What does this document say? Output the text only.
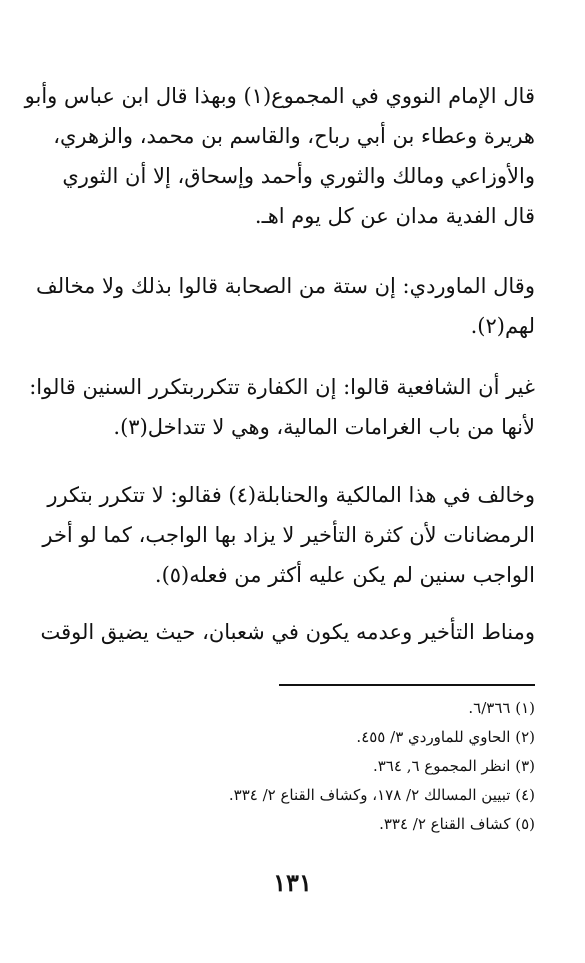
قال الإمام النووي في المجموع(١) وبهذا قال ابن عباس وأبو
هريرة وعطاء بن أبي رباح، والقاسم بن محمد، والزهري،
والأوزاعي ومالك والثوري وأحمد وإسحاق، إلا أن الثوري
قال الفدية مدان عن كل يوم اهـ.
وقال الماوردي: إن ستة من الصحابة قالوا بذلك ولا مخالف
لهم(٢).
غير أن الشافعية قالوا: إن الكفارة تتكرربتكرر السنين قالوا:
لأنها من باب الغرامات المالية، وهي لا تتداخل(٣).
وخالف في هذا المالكية والحنابلة(٤) فقالو: لا تتكرر بتكرر
الرمضانات لأن كثرة التأخير لا يزاد بها الواجب، كما لو أخر
الواجب سنين لم يكن عليه أكثر من فعله(٥).
ومناط التأخير وعدمه يكون في شعبان، حيث يضيق الوقت
(١) ٦/٣٦٦.
(٢) الحاوي للماوردي ٣/ ٤٥٥.
(٣) انظر المجموع ٦, ٣٦٤.
(٤) تبيين المسالك ٢/ ١٧٨، وكشاف القناع ٢/ ٣٣٤.
(٥) كشاف القناع ٢/ ٣٣٤.
١٣١
